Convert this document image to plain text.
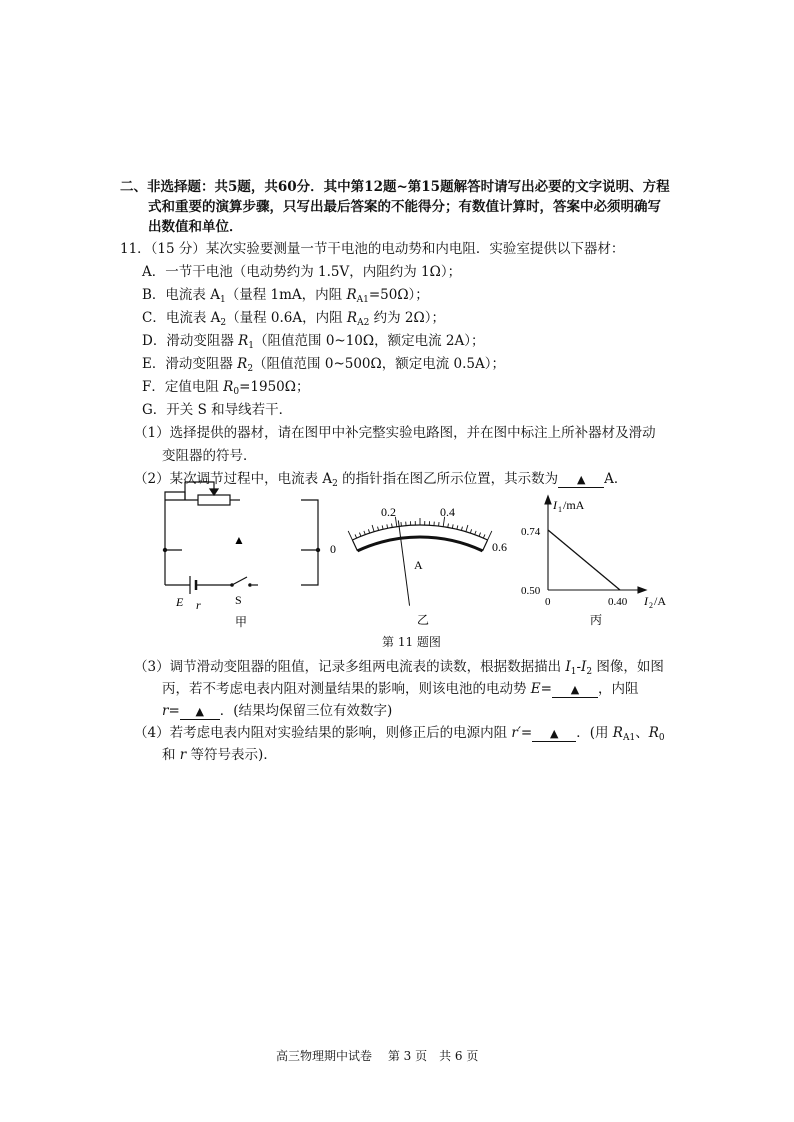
二、非选择题：共5题，共60分．其中第12题~第15题解答时请写出必要的文字说明、方程
式和重要的演算步骤，只写出最后答案的不能得分；有数值计算时，答案中必须明确写
出数值和单位．
11．（15 分）某次实验要测量一节干电池的电动势和内电阻．实验室提供以下器材：
A．一节干电池（电动势约为 1.5V，内阻约为 1Ω）；
B．电流表 $A_1$（量程 1mA，内阻 $R_{A1}=50\Omega$）；
C．电流表 $A_2$（量程 0.6A，内阻 $R_{A2}$ 约为 2Ω）；
D．滑动变阻器 $R_1$（阻值范围 0~10Ω，额定电流 2A）；
E．滑动变阻器 $R_2$（阻值范围 0~500Ω，额定电流 0.5A）；
F．定值电阻 $R_0=1950\Omega$；
G．开关 S 和导线若干．
（1）选择提供的器材，请在图甲中补完整实验电路图，并在图中标注上所补器材及滑动
变阻器的符号．
（2）某次调节过程中，电流表 $A_2$ 的指针指在图乙所示位置，其示数为 ▲ A．
▲
E r	S
甲
0
0.2	0.4
0.6
A
乙
I 1 /mA
0.74
0.50
0	0.40 I 2 /A
丙
第 11 题图
（3）调节滑动变阻器的阻值，记录多组两电流表的读数，根据数据描出 $I_1-I_2$ 图像，如图
丙，若不考虑电表内阻对测量结果的影响，则该电池的电动势 E= ▲ ，内阻
r= ▲ ．(结果均保留三位有效数字)
（4）若考虑电表内阻对实验结果的影响，则修正后的电源内阻 r′= ▲ ．(用 $R_{A1}$、$R_0$
和 r 等符号表示)．
高三物理期中试卷　 第 3 页　共 6 页
